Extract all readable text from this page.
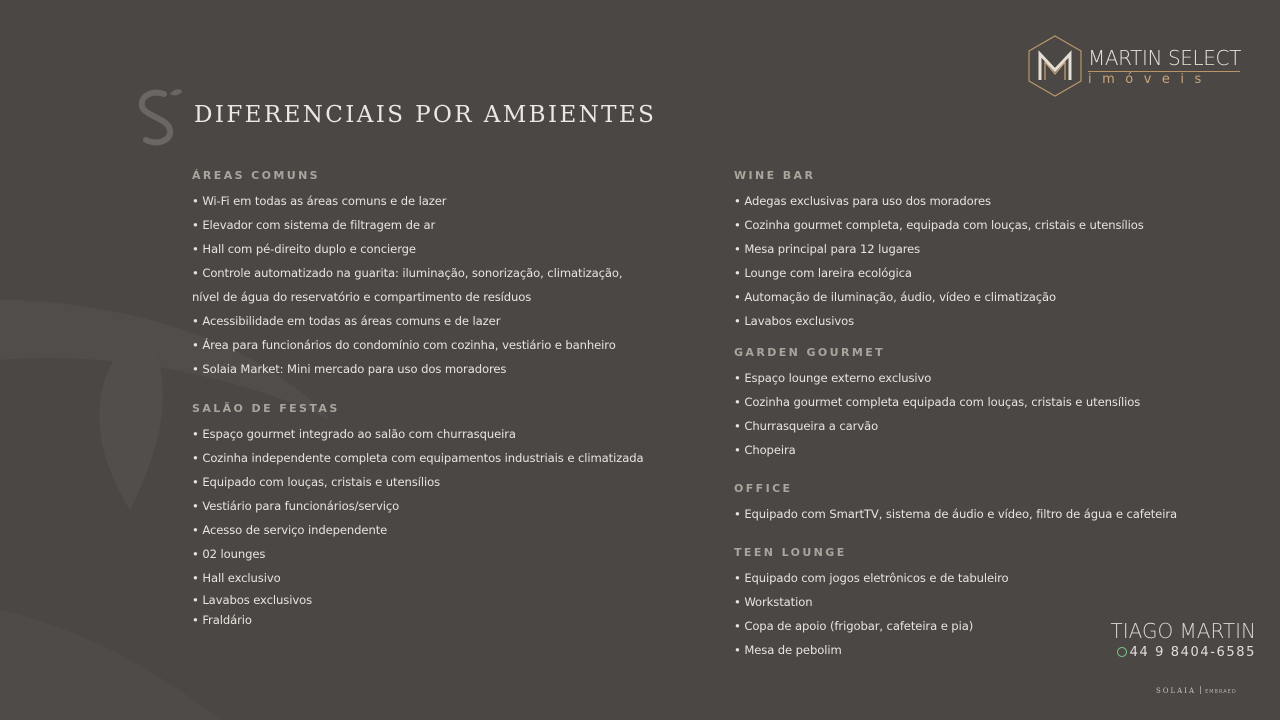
DIFERENCIAIS POR AMBIENTES
MARTIN SELECT
imóveis
ÁREAS COMUNS
• Wi-Fi em todas as áreas comuns e de lazer
• Elevador com sistema de filtragem de ar
• Hall com pé-direito duplo e concierge
• Controle automatizado na guarita: iluminação, sonorização, climatização,
nível de água do reservatório e compartimento de resíduos
• Acessibilidade em todas as áreas comuns e de lazer
• Área para funcionários do condomínio com cozinha, vestiário e banheiro
• Solaia Market: Mini mercado para uso dos moradores
SALÃO DE FESTAS
• Espaço gourmet integrado ao salão com churrasqueira
• Cozinha independente completa com equipamentos industriais e climatizada
• Equipado com louças, cristais e utensílios
• Vestiário para funcionários/serviço
• Acesso de serviço independente
• 02 lounges
• Hall exclusivo
• Lavabos exclusivos
• Fraldário
WINE BAR
• Adegas exclusivas para uso dos moradores
• Cozinha gourmet completa, equipada com louças, cristais e utensílios
• Mesa principal para 12 lugares
• Lounge com lareira ecológica
• Automação de iluminação, áudio, vídeo e climatização
• Lavabos exclusivos
GARDEN GOURMET
• Espaço lounge externo exclusivo
• Cozinha gourmet completa equipada com louças, cristais e utensílios
• Churrasqueira a carvão
• Chopeira
OFFICE
• Equipado com SmartTV, sistema de áudio e vídeo, filtro de água e cafeteira
TEEN LOUNGE
• Equipado com jogos eletrônicos e de tabuleiro
• Workstation
• Copa de apoio (frigobar, cafeteira e pia)
• Mesa de pebolim
TIAGO MARTIN
44 9 8404-6585
SOLAIA EMBRAED
